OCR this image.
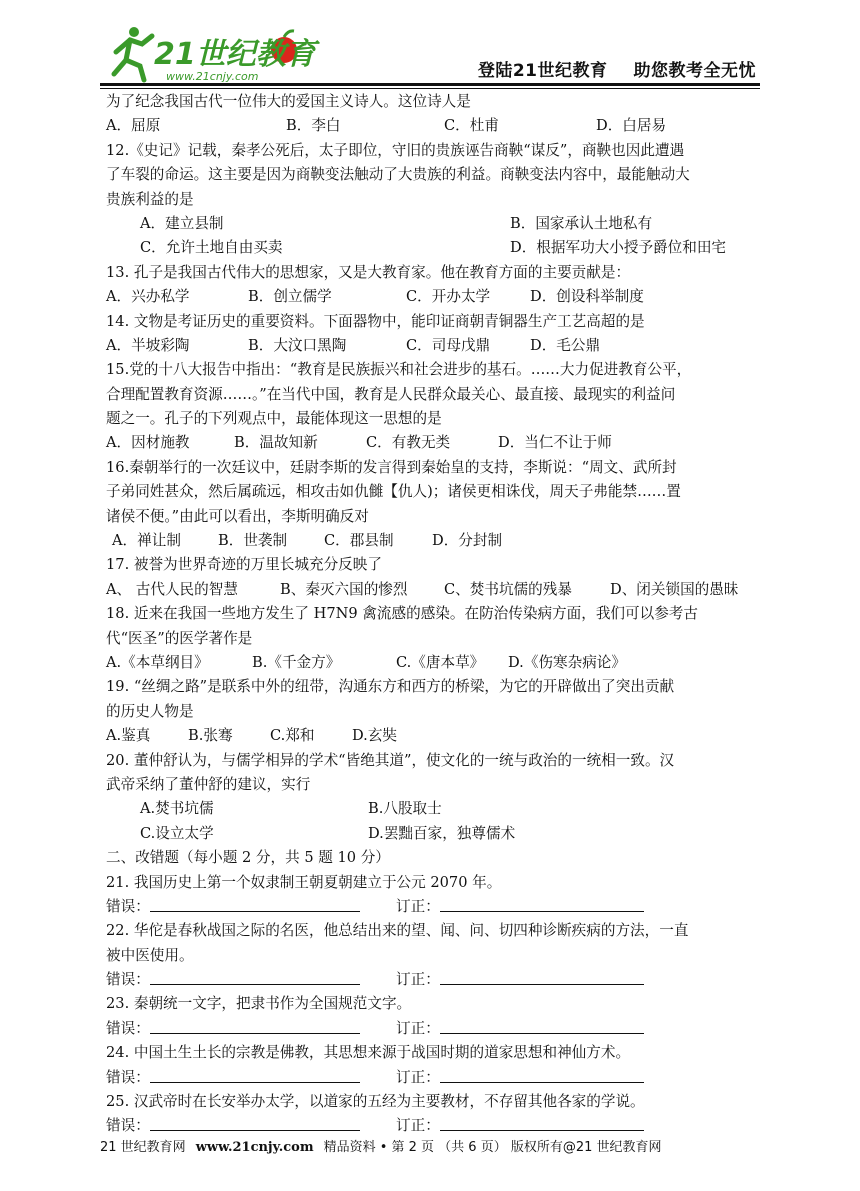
21世纪教育
www.21cnjy.com	登陆21世纪教育 助您教考全无忧
为了纪念我国古代一位伟大的爱国主义诗人。这位诗人是
A．屈原	B．李白	C．杜甫	D．白居易
12.《史记》记载，秦孝公死后，太子即位，守旧的贵族诬告商鞅“谋反”，商鞅也因此遭遇
了车裂的命运。这主要是因为商鞅变法触动了大贵族的利益。商鞅变法内容中，最能触动大
贵族利益的是
A．建立县制	B．国家承认土地私有
C．允许土地自由买卖	D．根据军功大小授予爵位和田宅
13. 孔子是我国古代伟大的思想家，又是大教育家。他在教育方面的主要贡献是：
A．兴办私学	B．创立儒学	C．开办太学	D．创设科举制度
14. 文物是考证历史的重要资料。下面器物中，能印证商朝青铜器生产工艺高超的是
A．半坡彩陶	B．大汶口黑陶	C．司母戊鼎	D．毛公鼎
15.党的十八大报告中指出：“教育是民族振兴和社会进步的基石。……大力促进教育公平，
合理配置教育资源……。”在当代中国，教育是人民群众最关心、最直接、最现实的利益问
题之一。孔子的下列观点中，最能体现这一思想的是
A．因材施教	B．温故知新	C．有教无类	D．当仁不让于师
16.秦朝举行的一次廷议中，廷尉李斯的发言得到秦始皇的支持，李斯说：“周文、武所封
子弟同姓甚众，然后属疏远，相攻击如仇雠【仇人)；诸侯更相诛伐，周天子弗能禁……置
诸侯不便。”由此可以看出，李斯明确反对
A．禅让制	B．世袭制	C．郡县制	D．分封制
17. 被誉为世界奇迹的万里长城充分反映了
A、 古代人民的智慧	B、秦灭六国的惨烈	C、焚书坑儒的残暴	D、闭关锁国的愚昧
18. 近来在我国一些地方发生了 H7N9 禽流感的感染。在防治传染病方面，我们可以参考古
代“医圣”的医学著作是
A.《本草纲目》	B.《千金方》	C.《唐本草》 D.《伤寒杂病论》
19. “丝绸之路”是联系中外的纽带，沟通东方和西方的桥梁，为它的开辟做出了突出贡献
的历史人物是
A.鉴真	B.张骞	C.郑和	D.玄奘
20. 董仲舒认为，与儒学相异的学术“皆绝其道”，使文化的一统与政治的一统相一致。汉
武帝采纳了董仲舒的建议，实行
A.焚书坑儒	B.八股取士
C.设立太学	D.罢黜百家，独尊儒术
二、改错题（每小题 2 分，共 5 题 10 分）
21. 我国历史上第一个奴隶制王朝夏朝建立于公元 2070 年。
错误：	订正：
22. 华佗是春秋战国之际的名医，他总结出来的望、闻、问、切四种诊断疾病的方法，一直
被中医使用。
错误：	订正：
23. 秦朝统一文字，把隶书作为全国规范文字。
错误：	订正：
24. 中国土生土长的宗教是佛教，其思想来源于战国时期的道家思想和神仙方术。
错误：	订正：
25. 汉武帝时在长安举办太学，以道家的五经为主要教材，不存留其他各家的学说。
错误：	订正：
21 世纪教育网 www.21cnjy.com 精品资料 • 第 2 页 （共 6 页） 版权所有@21 世纪教育网
